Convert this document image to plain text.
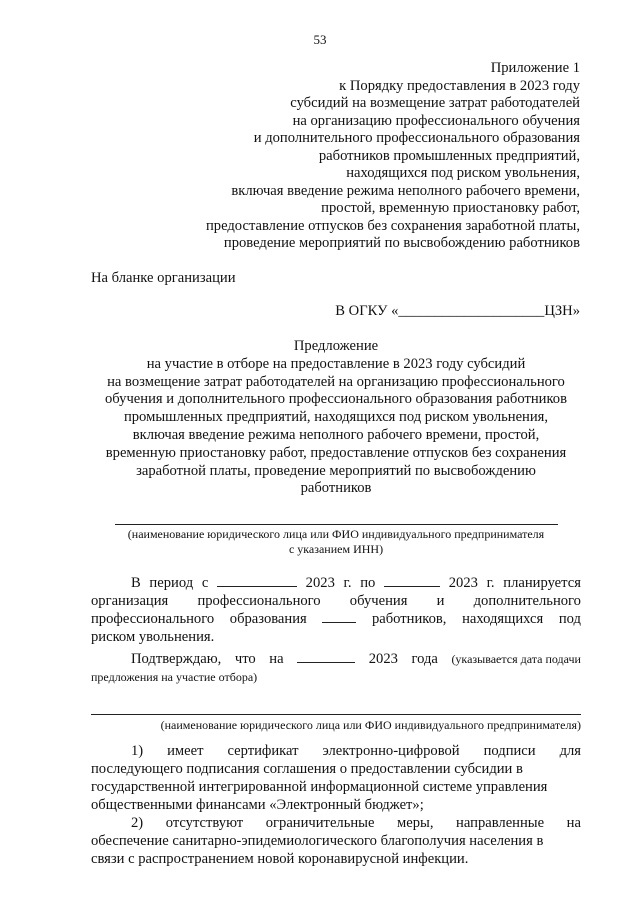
53
Приложение 1
к Порядку предоставления в 2023 году
субсидий на возмещение затрат работодателей
на организацию профессионального обучения
и дополнительного профессионального образования
работников промышленных предприятий,
находящихся под риском увольнения,
включая введение режима неполного рабочего времени,
простой, временную приостановку работ,
предоставление отпусков без сохранения заработной платы,
проведение мероприятий по высвобождению работников
На бланке организации
В ОГКУ «____________________ЦЗН»
Предложение
на участие в отборе на предоставление в 2023 году субсидий
на возмещение затрат работодателей на организацию профессионального
обучения и дополнительного профессионального образования работников
промышленных предприятий, находящихся под риском увольнения,
включая введение режима неполного рабочего времени, простой,
временную приостановку работ, предоставление отпусков без сохранения
заработной платы, проведение мероприятий по высвобождению
работников
(наименование юридического лица или ФИО индивидуального предпринимателя
с указанием ИНН)
В период с	2023 г. по	2023 г. планируется
организация профессионального обучения и дополнительного
профессионального образования	работников, находящихся под
риском увольнения.
Подтверждаю, что на	2023 года (указывается дата подачи
предложения на участие отбора)
(наименование юридического лица или ФИО индивидуального предпринимателя)
1) имеет сертификат электронно-цифровой подписи для
последующего подписания соглашения о предоставлении субсидии в
государственной интегрированной информационной системе управления
общественными финансами «Электронный бюджет»;
2) отсутствуют ограничительные меры, направленные на
обеспечение санитарно-эпидемиологического благополучия населения в
связи с распространением новой коронавирусной инфекции.
